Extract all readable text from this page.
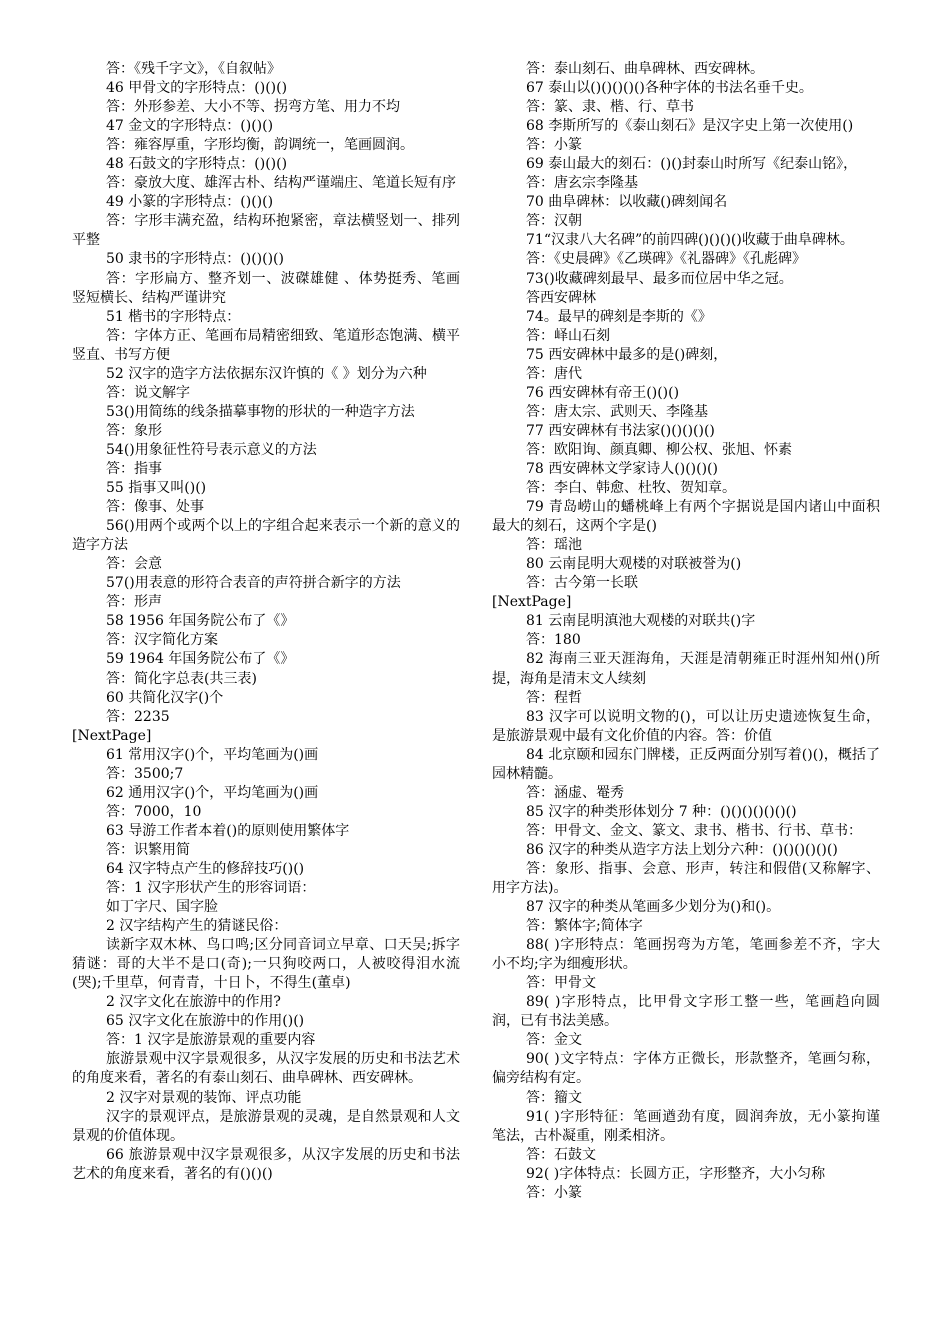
答：《残千字文》，《自叙帖》

46 甲骨文的字形特点：()()()

答：外形参差、大小不等、拐弯方笔、用力不均

47 金文的字形特点：()()()

答：雍容厚重，字形均衡，韵调统一，笔画圆润。

48 石鼓文的字形特点：()()()

答：豪放大度、雄浑古朴、结构严谨端庄、笔道长短有序

49 小篆的字形特点：()()()

答：字形丰满充盈，结构环抱紧密，章法横竖划一、排列平整

50 隶书的字形特点：()()()()

答：字形扁方、整齐划一、波磔雄健 、体势挺秀、笔画竖短横长、结构严谨讲究

51 楷书的字形特点：

答：字体方正、笔画布局精密细致、笔道形态饱满、横平竖直、书写方便

52 汉字的造字方法依据东汉许慎的《 》划分为六种

答：说文解字

53()用简练的线条描摹事物的形状的一种造字方法

答：象形

54()用象征性符号表示意义的方法

答：指事

55 指事又叫()()

答：像事、处事

56()用两个或两个以上的字组合起来表示一个新的意义的造字方法

答：会意

57()用表意的形符合表音的声符拼合新字的方法

答：形声

58 1956 年国务院公布了《》

答：汉字简化方案

59 1964 年国务院公布了《》

答：简化字总表(共三表)

60 共简化汉字()个

答：2235

[NextPage]

61 常用汉字()个，平均笔画为()画

答：3500;7

62 通用汉字()个，平均笔画为()画

答：7000，10

63 导游工作者本着()的原则使用繁体字

答：识繁用简

64 汉字特点产生的修辞技巧()()

答：1 汉字形状产生的形容词语：

如丁字尺、国字脸

2 汉字结构产生的猜谜民俗：

读新字双木林、鸟口鸣;区分同音词立早章、口天吴;拆字猜谜：哥的大半不是口(奇);一只狗咬两口，人被咬得泪水流(哭);千里草，何青青，十日卜，不得生(董卓)

2 汉字文化在旅游中的作用?

65 汉字文化在旅游中的作用()()

答：1 汉字是旅游景观的重要内容

旅游景观中汉字景观很多，从汉字发展的历史和书法艺术的角度来看，著名的有泰山刻石、曲阜碑林、西安碑林。

2 汉字对景观的装饰、评点功能

汉字的景观评点，是旅游景观的灵魂，是自然景观和人文景观的价值体现。

66 旅游景观中汉字景观很多，从汉字发展的历史和书法艺术的角度来看，著名的有()()()

答：泰山刻石、曲阜碑林、西安碑林。

67 泰山以()()()()()各种字体的书法名垂千史。

答：篆、隶、楷、行、草书

68 李斯所写的《泰山刻石》是汉字史上第一次使用()

答：小篆

69 泰山最大的刻石：()()封泰山时所写《纪泰山铭》，

答：唐玄宗李隆基

70 曲阜碑林：以收藏()碑刻闻名

答：汉朝

71“汉隶八大名碑”的前四碑()()()()收藏于曲阜碑林。

答：《史晨碑》《乙瑛碑》《礼器碑》《孔彪碑》

73()收藏碑刻最早、最多而位居中华之冠。

答西安碑林

74。最早的碑刻是李斯的《》

答：峄山石刻

75 西安碑林中最多的是()碑刻，

答：唐代

76 西安碑林有帝王()()()

答：唐太宗、武则天、李隆基

77 西安碑林有书法家()()()()()

答：欧阳询、颜真卿、柳公权、张旭、怀素

78 西安碑林文学家诗人()()()()

答：李白、韩愈、杜牧、贺知章。

79 青岛崂山的蟠桃峰上有两个字据说是国内诸山中面积最大的刻石，这两个字是()

答：瑶池

80 云南昆明大观楼的对联被誉为()

答：古今第一长联

[NextPage]

81 云南昆明滇池大观楼的对联共()字

答：180

82 海南三亚天涯海角，天涯是清朝雍正时涯州知州()所提，海角是清末文人续刻

答：程哲

83 汉字可以说明文物的()，可以让历史遗迹恢复生命，是旅游景观中最有文化价值的内容。答：价值

84 北京颐和园东门牌楼，正反两面分别写着()()，概括了园林精髓。

答：涵虚、罨秀

85 汉字的种类形体划分 7 种：()()()()()()()

答：甲骨文、金文、篆文、隶书、楷书、行书、草书：

86 汉字的种类从造字方法上划分六种：()()()()()()

答：象形、指事、会意、形声，转注和假借(又称解字、用字方法)。

87 汉字的种类从笔画多少划分为()和()。

答：繁体字;简体字

88( )字形特点：笔画拐弯为方笔，笔画参差不齐，字大小不均;字为细瘦形状。

答：甲骨文

89( )字形特点，比甲骨文字形工整一些，笔画趋向圆润，已有书法美感。

答：金文

90( )文字特点：字体方正微长，形款整齐，笔画匀称，偏旁结构有定。

答：籀文

91( )字形特征：笔画遒劲有度，圆润奔放，无小篆拘谨笔法，古朴凝重，刚柔相济。

答：石鼓文

92( )字体特点：长圆方正，字形整齐，大小匀称

答：小篆
